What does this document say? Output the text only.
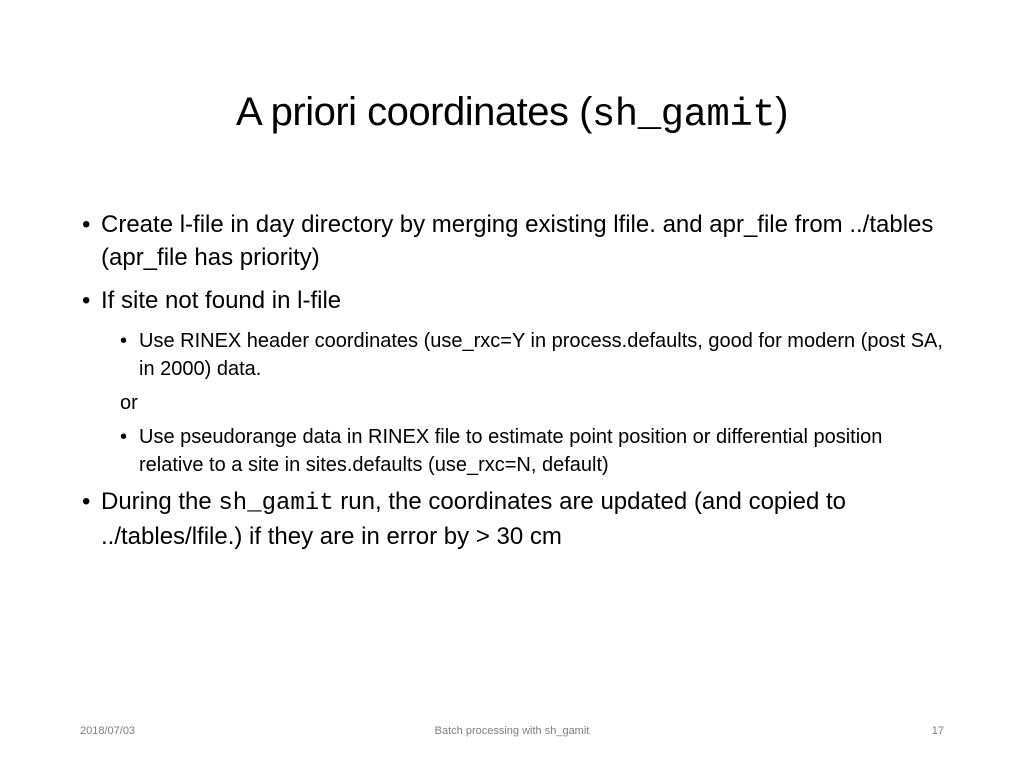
A priori coordinates (sh_gamit)
• Create l-file in day directory by merging existing lfile. and apr_file from ../tables (apr_file has priority)
• If site not found in l-file
• Use RINEX header coordinates (use_rxc=Y in process.defaults, good for modern (post SA, in 2000) data.
or
• Use pseudorange data in RINEX file to estimate point position or differential position relative to a site in sites.defaults (use_rxc=N, default)
• During the sh_gamit run, the coordinates are updated (and copied to ../tables/lfile.) if they are in error by > 30 cm
2018/07/03	Batch processing with sh_gamit	17
